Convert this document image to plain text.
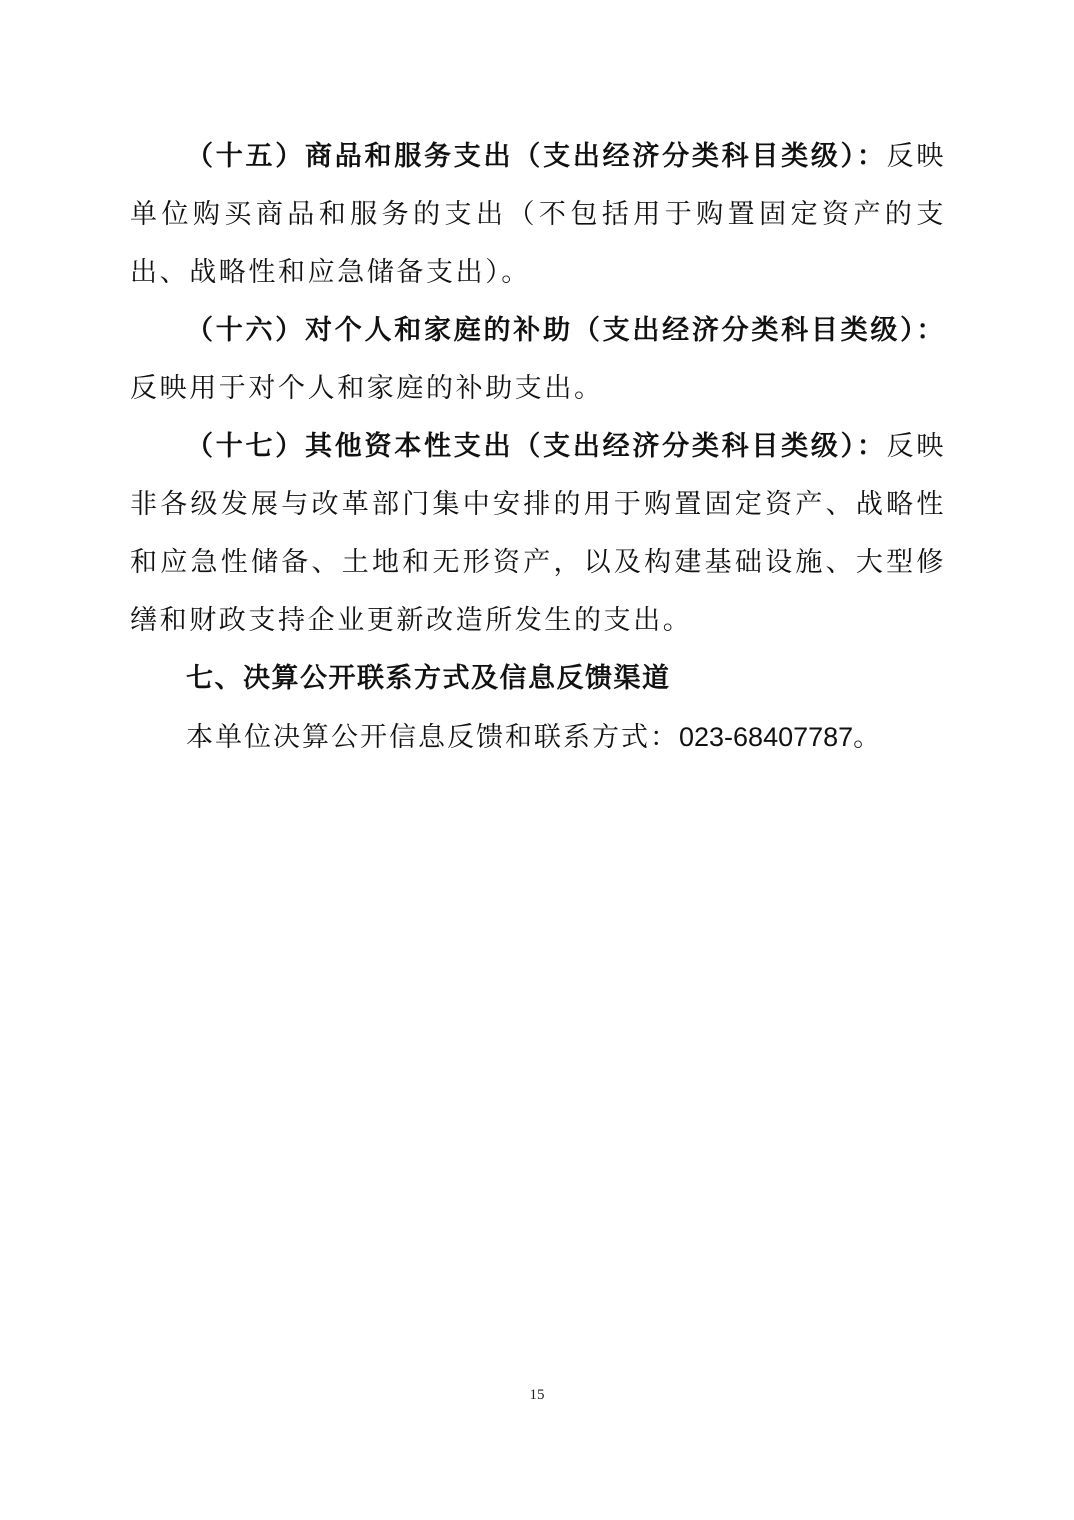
（十五）商品和服务支出（支出经济分类科目类级）：反映单位购买商品和服务的支出（不包括用于购置固定资产的支出、战略性和应急储备支出）。

（十六）对个人和家庭的补助（支出经济分类科目类级）：反映用于对个人和家庭的补助支出。

（十七）其他资本性支出（支出经济分类科目类级）：反映非各级发展与改革部门集中安排的用于购置固定资产、战略性和应急性储备、土地和无形资产，以及构建基础设施、大型修缮和财政支持企业更新改造所发生的支出。

七、决算公开联系方式及信息反馈渠道

本单位决算公开信息反馈和联系方式：023-68407787。

15
